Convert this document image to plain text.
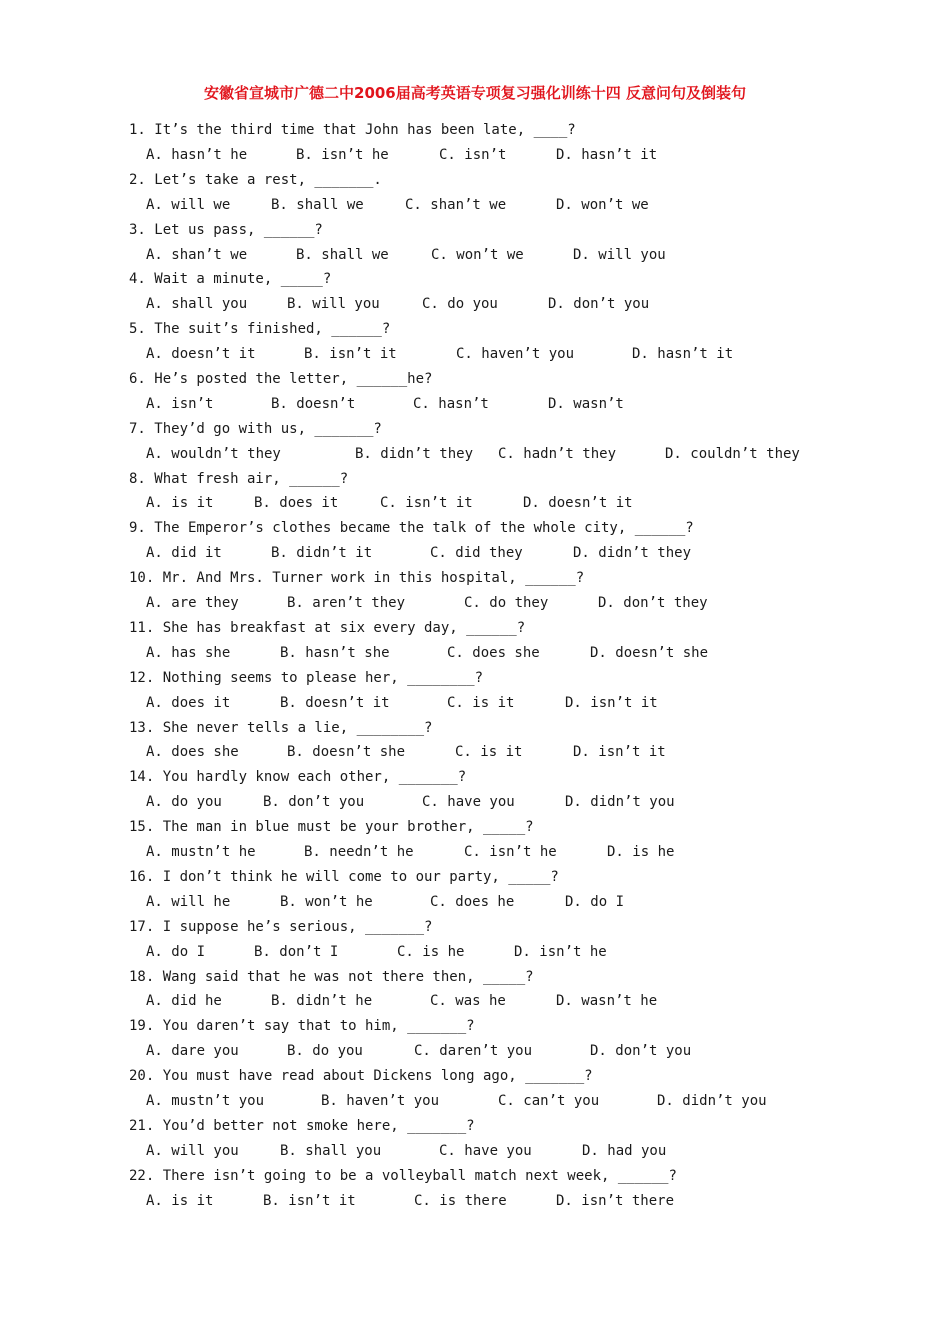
安徽省宣城市广德二中2006届高考英语专项复习强化训练十四 反意问句及倒装句
1. It’s the third time that John has been late, ____?
A. hasn’t he	B. isn’t he	C. isn’t	D. hasn’t it
2. Let’s take a rest, _______.
A. will we	B. shall we	C. shan’t we	D. won’t we
3. Let us pass, ______?
A. shan’t we	B. shall we	C. won’t we	D. will you
4. Wait a minute, _____?
A. shall you	B. will you	C. do you	D. don’t you
5. The suit’s finished, ______?
A. doesn’t it	B. isn’t it	C. haven’t you	D. hasn’t it
6. He’s posted the letter, ______he?
A. isn’t	B. doesn’t	C. hasn’t	D. wasn’t
7. They’d go with us, _______?
A. wouldn’t they	B. didn’t they C. hadn’t they	D. couldn’t they
8. What fresh air, ______?
A. is it	B. does it	C. isn’t it	D. doesn’t it
9. The Emperor’s clothes became the talk of the whole city, ______?
A. did it	B. didn’t it	C. did they	D. didn’t they
10. Mr. And Mrs. Turner work in this hospital, ______?
A. are they	B. aren’t they	C. do they	D. don’t they
11. She has breakfast at six every day, ______?
A. has she	B. hasn’t she	C. does she	D. doesn’t she
12. Nothing seems to please her, ________?
A. does it	B. doesn’t it	C. is it	D. isn’t it
13. She never tells a lie, ________?
A. does she	B. doesn’t she	C. is it	D. isn’t it
14. You hardly know each other, _______?
A. do you	B. don’t you	C. have you	D. didn’t you
15. The man in blue must be your brother, _____?
A. mustn’t he	B. needn’t he	C. isn’t he	D. is he
16. I don’t think he will come to our party, _____?
A. will he	B. won’t he	C. does he	D. do I
17. I suppose he’s serious, _______?
A. do I	B. don’t I	C. is he	D. isn’t he
18. Wang said that he was not there then, _____?
A. did he	B. didn’t he	C. was he	D. wasn’t he
19. You daren’t say that to him, _______?
A. dare you	B. do you	C. daren’t you	D. don’t you
20. You must have read about Dickens long ago, _______?
A. mustn’t you	B. haven’t you	C. can’t you	D. didn’t you
21. You’d better not smoke here, _______?
A. will you	B. shall you	C. have you	D. had you
22. There isn’t going to be a volleyball match next week, ______?
A. is it	B. isn’t it	C. is there	D. isn’t there
